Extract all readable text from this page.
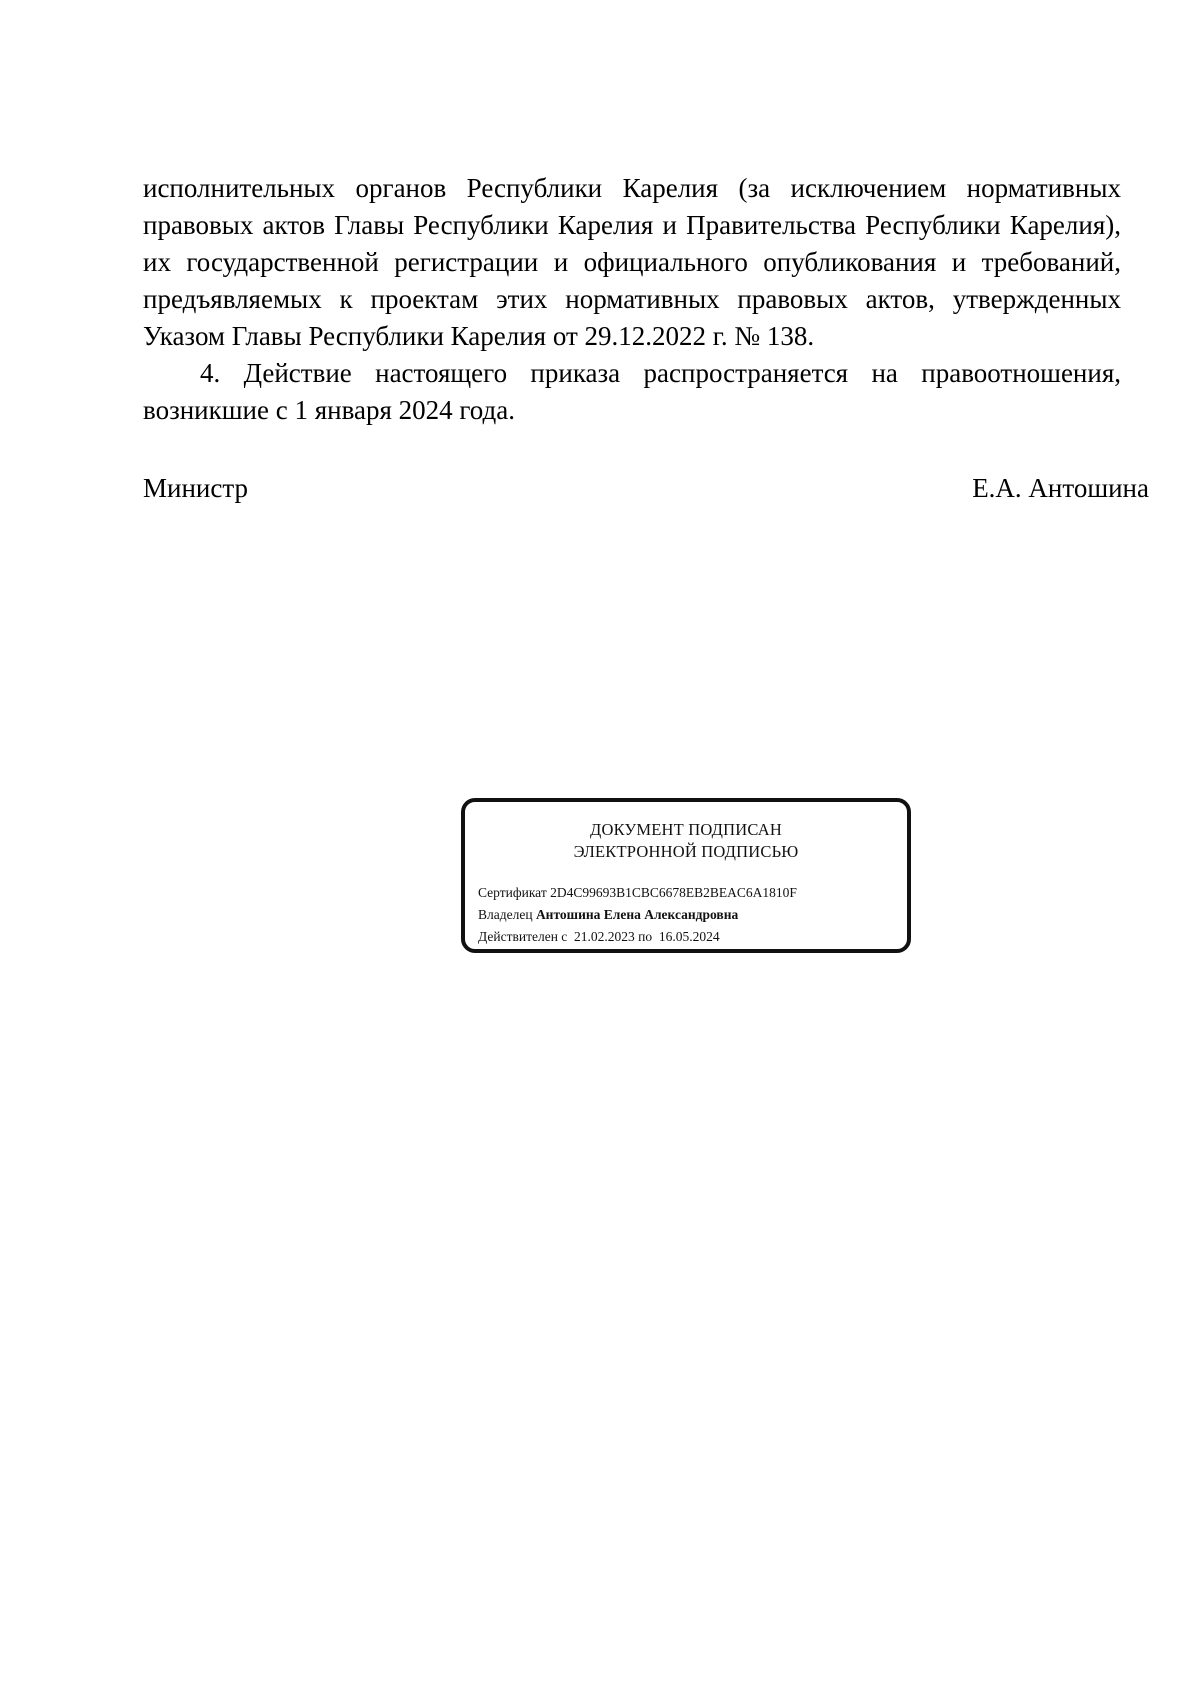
исполнительных органов Республики Карелия (за исключением нормативных правовых актов Главы Республики Карелия и Правительства Республики Карелия), их государственной регистрации и официального опубликования и требований, предъявляемых к проектам этих нормативных правовых актов, утвержденных Указом Главы Республики Карелия от 29.12.2022 г. № 138.

4. Действие настоящего приказа распространяется на правоотношения, возникшие с 1 января 2024 года.

Министр	Е.А. Антошина
ДОКУМЕНТ ПОДПИСАН
ЭЛЕКТРОННОЙ ПОДПИСЬЮ
Сертификат 2D4C99693B1CBC6678EB2BEAC6A1810F
Владелец Антошина Елена Александровна
Действителен с 21.02.2023 по 16.05.2024
